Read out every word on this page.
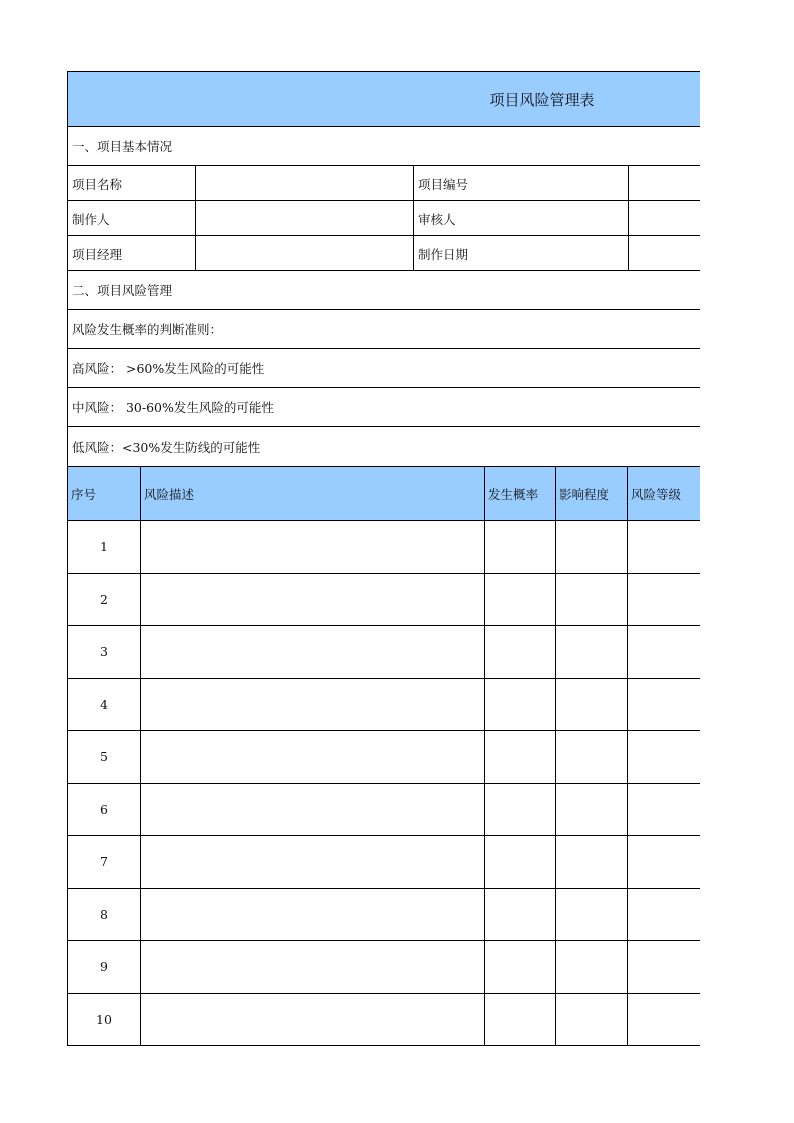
项目风险管理表
一、项目基本情况
项目名称	项目编号
制作人	审核人
项目经理	制作日期
二、项目风险管理
风险发生概率的判断准则：
高风险： >60%发生风险的可能性
中风险： 30-60%发生风险的可能性
低风险：<30%发生防线的可能性
序号	风险描述	发生概率	影响程度	风险等级
1
2
3
4
5
6
7
8
9
10
